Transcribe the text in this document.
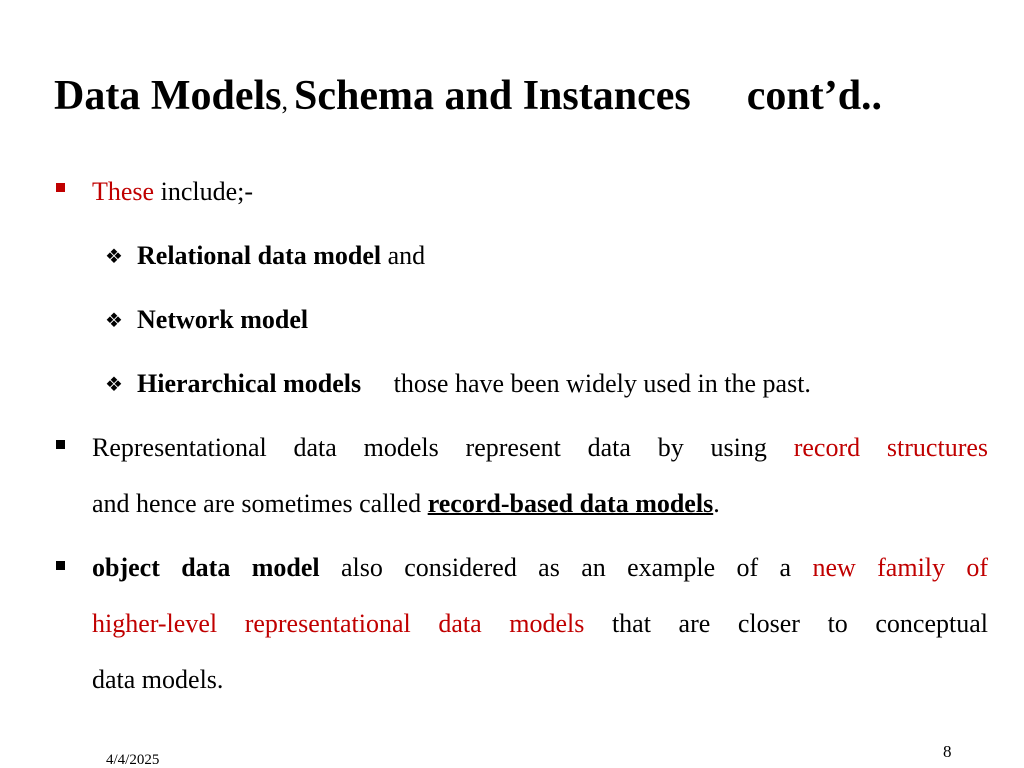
Data Models, Schema and Instances cont’d..
These include;-
❖ Relational data model and
❖ Network model
❖ Hierarchical models those have been widely used in the past.
Representational data models represent data by using record structures
and hence are sometimes called record-based data models.
object data model also considered as an example of a new family of
higher-level representational data models that are closer to conceptual
data models.
4/4/2025	8
